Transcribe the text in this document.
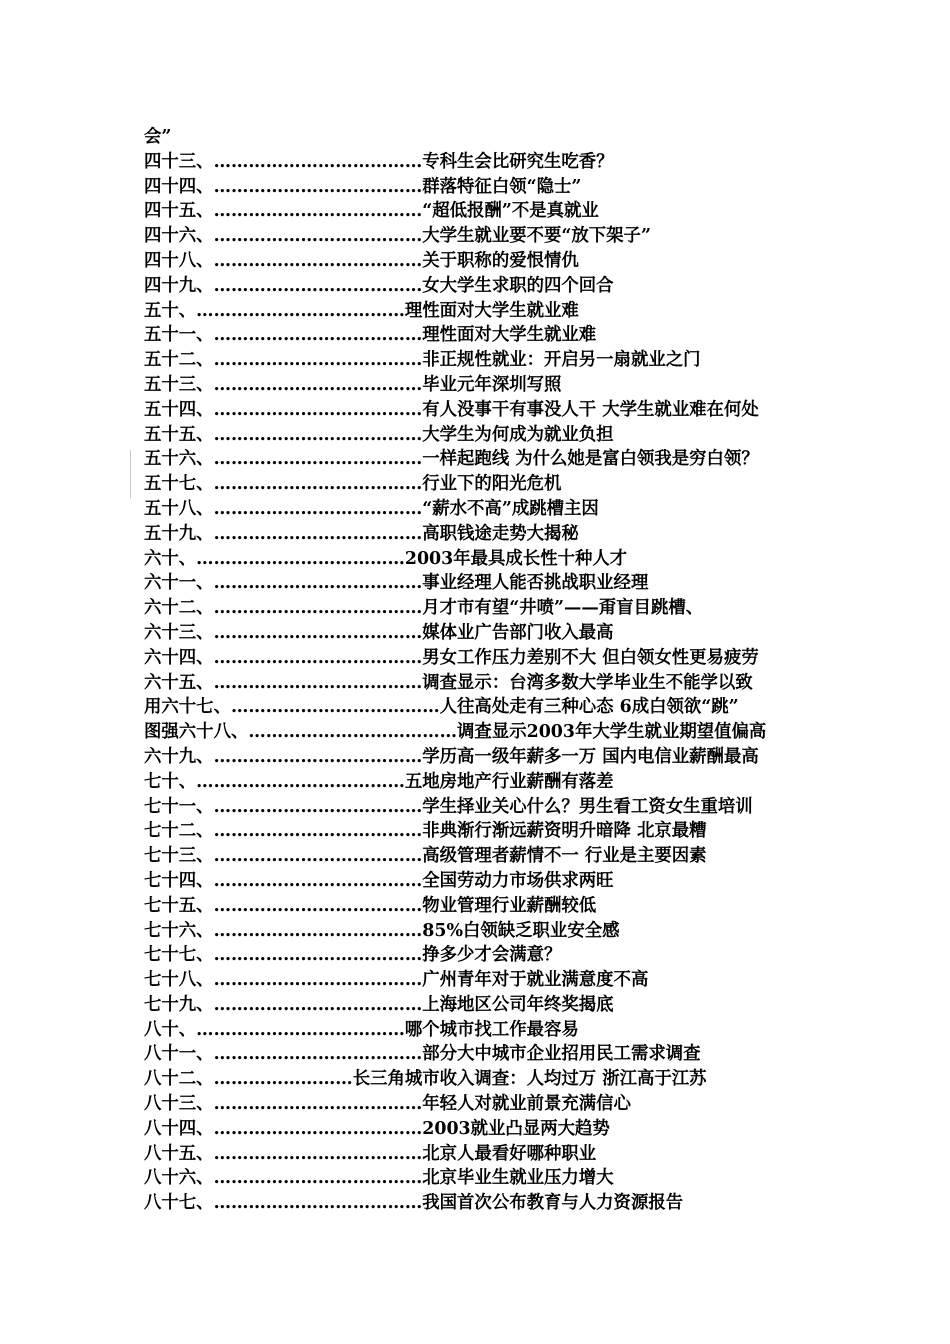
会”
四十三、………………………………专科生会比研究生吃香？
四十四、………………………………群落特征白领“隐士”
四十五、………………………………“超低报酬”不是真就业
四十六、………………………………大学生就业要不要“放下架子”
四十八、………………………………关于职称的爱恨情仇
四十九、………………………………女大学生求职的四个回合
五十、………………………………理性面对大学生就业难
五十一、………………………………理性面对大学生就业难
五十二、………………………………非正规性就业：开启另一扇就业之门
五十三、………………………………毕业元年深圳写照
五十四、………………………………有人没事干有事没人干 大学生就业难在何处
五十五、………………………………大学生为何成为就业负担
五十六、………………………………一样起跑线 为什么她是富白领我是穷白领？
五十七、………………………………行业下的阳光危机
五十八、………………………………“薪水不高”成跳槽主因
五十九、………………………………高职钱途走势大揭秘
六十、………………………………2003年最具成长性十种人才
六十一、………………………………事业经理人能否挑战职业经理
六十二、………………………………月才市有望“井喷”——甭盲目跳槽、
六十三、………………………………媒体业广告部门收入最高
六十四、………………………………男女工作压力差别不大 但白领女性更易疲劳
六十五、………………………………调查显示：台湾多数大学毕业生不能学以致
用六十七、………………………………人往高处走有三种心态 6成白领欲“跳”
图强六十八、………………………………调查显示2003年大学生就业期望值偏高
六十九、………………………………学历高一级年薪多一万 国内电信业薪酬最高
七十、………………………………五地房地产行业薪酬有落差
七十一、………………………………学生择业关心什么？男生看工资女生重培训
七十二、………………………………非典渐行渐远薪资明升暗降 北京最糟
七十三、………………………………高级管理者薪情不一 行业是主要因素
七十四、………………………………全国劳动力市场供求两旺
七十五、………………………………物业管理行业薪酬较低
七十六、………………………………85%白领缺乏职业安全感
七十七、………………………………挣多少才会满意？
七十八、………………………………广州青年对于就业满意度不高
七十九、………………………………上海地区公司年终奖揭底
八十、………………………………哪个城市找工作最容易
八十一、………………………………部分大中城市企业招用民工需求调查
八十二、……………………长三角城市收入调查：人均过万 浙江高于江苏
八十三、………………………………年轻人对就业前景充满信心
八十四、………………………………2003就业凸显两大趋势
八十五、………………………………北京人最看好哪种职业
八十六、………………………………北京毕业生就业压力增大
八十七、………………………………我国首次公布教育与人力资源报告
